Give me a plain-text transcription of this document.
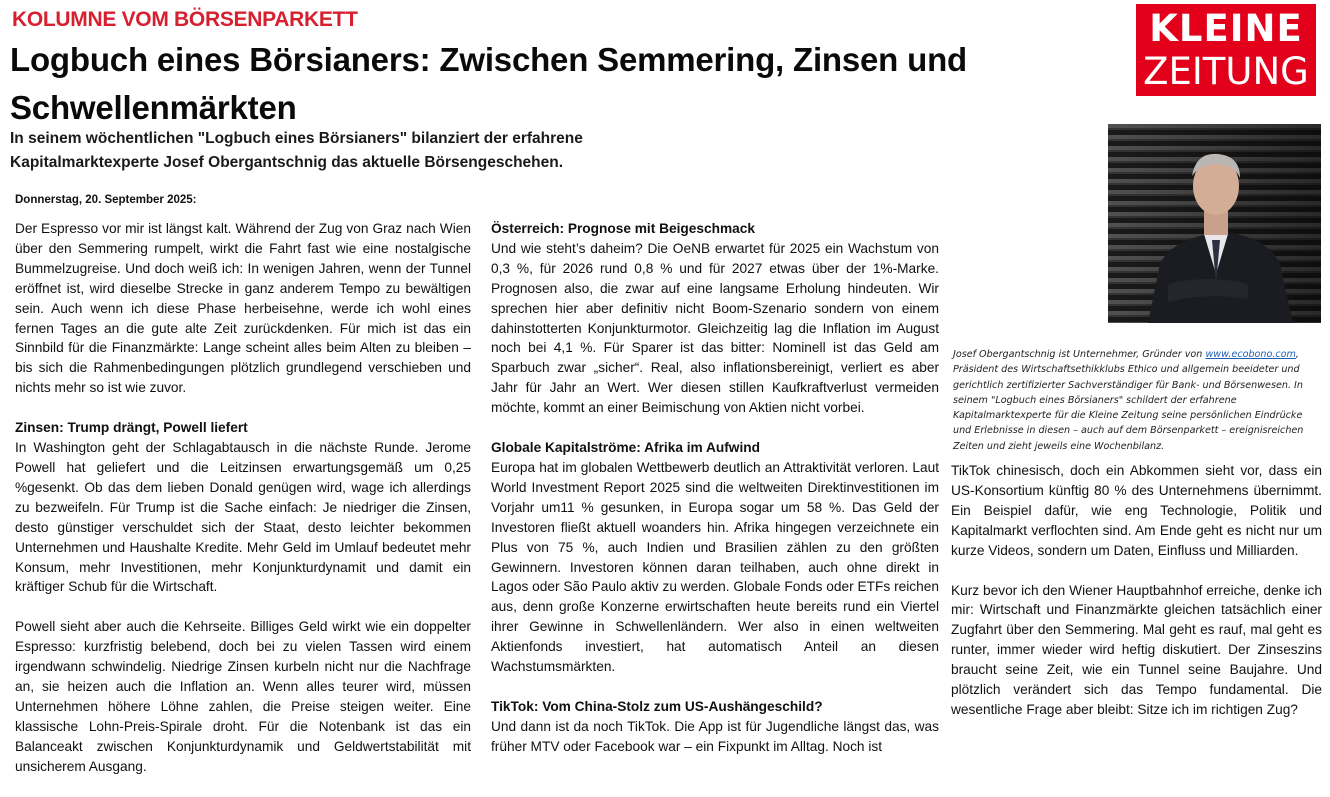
KOLUMNE VOM BÖRSENPARKETT
Logbuch eines Börsianers: Zwischen Semmering, Zinsen und Schwellenmärkten
In seinem wöchentlichen "Logbuch eines Börsianers" bilanziert der erfahrene Kapitalmarktexperte Josef Obergantschnig das aktuelle Börsengeschehen.
KLEINE
ZEITUNG
Josef Obergantschnig ist Unternehmer, Gründer von www.ecobono.com, Präsident des Wirtschaftsethikklubs Ethico und allgemein beeideter und gerichtlich zertifizierter Sachverständiger für Bank- und Börsenwesen. In seinem "Logbuch eines Börsianers" schildert der erfahrene Kapitalmarktexperte für die Kleine Zeitung seine persönlichen Eindrücke und Erlebnisse in diesen – auch auf dem Börsenparkett – ereignisreichen Zeiten und zieht jeweils eine Wochenbilanz.
Donnerstag, 20. September 2025:

Der Espresso vor mir ist längst kalt. Während der Zug von Graz nach Wien über den Semmering rumpelt, wirkt die Fahrt fast wie eine nostalgische Bummelzugreise. Und doch weiß ich: In wenigen Jahren, wenn der Tunnel eröffnet ist, wird dieselbe Strecke in ganz anderem Tempo zu bewältigen sein. Auch wenn ich diese Phase herbeisehne, werde ich wohl eines fernen Tages an die gute alte Zeit zurückdenken. Für mich ist das ein Sinnbild für die Finanzmärkte: Lange scheint alles beim Alten zu bleiben – bis sich die Rahmenbedingungen plötzlich grundlegend verschieben und nichts mehr so ist wie zuvor.

Zinsen: Trump drängt, Powell liefert

In Washington geht der Schlagabtausch in die nächste Runde. Jerome Powell hat geliefert und die Leitzinsen erwartungsgemäß um 0,25 %gesenkt. Ob das dem lieben Donald genügen wird, wage ich allerdings zu bezweifeln. Für Trump ist die Sache einfach: Je niedriger die Zinsen, desto günstiger verschuldet sich der Staat, desto leichter bekommen Unternehmen und Haushalte Kredite. Mehr Geld im Umlauf bedeutet mehr Konsum, mehr Investitionen, mehr Konjunkturdynamit und damit ein kräftiger Schub für die Wirtschaft.

Powell sieht aber auch die Kehrseite. Billiges Geld wirkt wie ein doppelter Espresso: kurzfristig belebend, doch bei zu vielen Tassen wird einem irgendwann schwindelig. Niedrige Zinsen kurbeln nicht nur die Nachfrage an, sie heizen auch die Inflation an. Wenn alles teurer wird, müssen Unternehmen höhere Löhne zahlen, die Preise steigen weiter. Eine klassische Lohn-Preis-Spirale droht. Für die Notenbank ist das ein Balanceakt zwischen Konjunkturdynamik und Geldwertstabilität mit unsicherem Ausgang.

Österreich: Prognose mit Beigeschmack

Und wie steht’s daheim? Die OeNB erwartet für 2025 ein Wachstum von 0,3 %, für 2026 rund 0,8 % und für 2027 etwas über der 1%-Marke. Prognosen also, die zwar auf eine langsame Erholung hindeuten. Wir sprechen hier aber definitiv nicht Boom-Szenario sondern von einem dahinstotterten Konjunkturmotor. Gleichzeitig lag die Inflation im August noch bei 4,1 %. Für Sparer ist das bitter: Nominell ist das Geld am Sparbuch zwar „sicher“. Real, also inflationsbereinigt, verliert es aber Jahr für Jahr an Wert. Wer diesen stillen Kaufkraftverlust vermeiden möchte, kommt an einer Beimischung von Aktien nicht vorbei.

Globale Kapitalströme: Afrika im Aufwind

Europa hat im globalen Wettbewerb deutlich an Attraktivität verloren. Laut World Investment Report 2025 sind die weltweiten Direktinvestitionen im Vorjahr um11 % gesunken, in Europa sogar um 58 %. Das Geld der Investoren fließt aktuell woanders hin. Afrika hingegen verzeichnete ein Plus von 75 %, auch Indien und Brasilien zählen zu den größten Gewinnern. Investoren können daran teilhaben, auch ohne direkt in Lagos oder São Paulo aktiv zu werden. Globale Fonds oder ETFs reichen aus, denn große Konzerne erwirtschaften heute bereits rund ein Viertel ihrer Gewinne in Schwellenländern. Wer also in einen weltweiten Aktienfonds investiert, hat automatisch Anteil an diesen Wachstumsmärkten.

TikTok: Vom China-Stolz zum US-Aushängeschild?

Und dann ist da noch TikTok. Die App ist für Jugendliche längst das, was früher MTV oder Facebook war – ein Fixpunkt im Alltag. Noch ist

TikTok chinesisch, doch ein Abkommen sieht vor, dass ein US-Konsortium künftig 80 % des Unternehmens übernimmt. Ein Beispiel dafür, wie eng Technologie, Politik und Kapitalmarkt verflochten sind. Am Ende geht es nicht nur um kurze Videos, sondern um Daten, Einfluss und Milliarden.

Kurz bevor ich den Wiener Hauptbahnhof erreiche, denke ich mir: Wirtschaft und Finanzmärkte gleichen tatsächlich einer Zugfahrt über den Semmering. Mal geht es rauf, mal geht es runter, immer wieder wird heftig diskutiert. Der Zinseszins braucht seine Zeit, wie ein Tunnel seine Baujahre. Und plötzlich verändert sich das Tempo fundamental. Die wesentliche Frage aber bleibt: Sitze ich im richtigen Zug?
